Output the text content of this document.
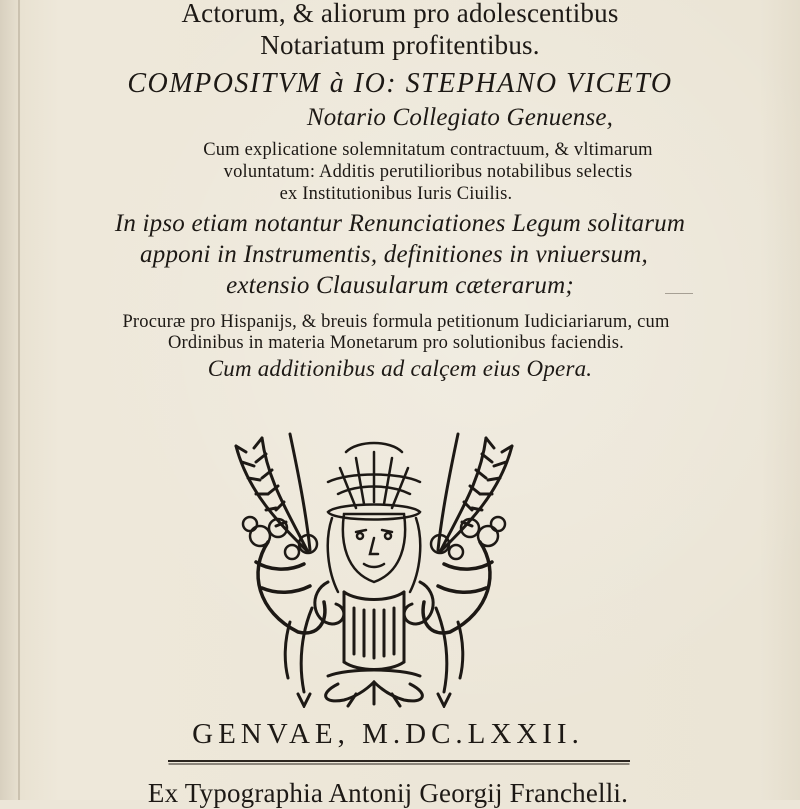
Actorum, & aliorum pro adolescentibus
Notariatum profitentibus.
COMPOSITVM à IO: STEPHANO VICETO
Notario Collegiato Genuense,
Cum explicatione solemnitatum contractuum, & vltimarum
voluntatum: Additis perutilioribus notabilibus selectis
ex Institutionibus Iuris Ciuilis.
In ipso etiam notantur Renunciationes Legum solitarum
apponi in Instrumentis, definitiones in vniuersum,
extensio Clausularum cæterarum;
Procuræ pro Hispanijs, & breuis formula petitionum Iudiciariarum, cum
Ordinibus in materia Monetarum pro solutionibus faciendis.
Cum additionibus ad calçem eius Opera.
GENVAE, M.DC.LXXII.
Ex Typographia Antonij Georgij Franchelli.
